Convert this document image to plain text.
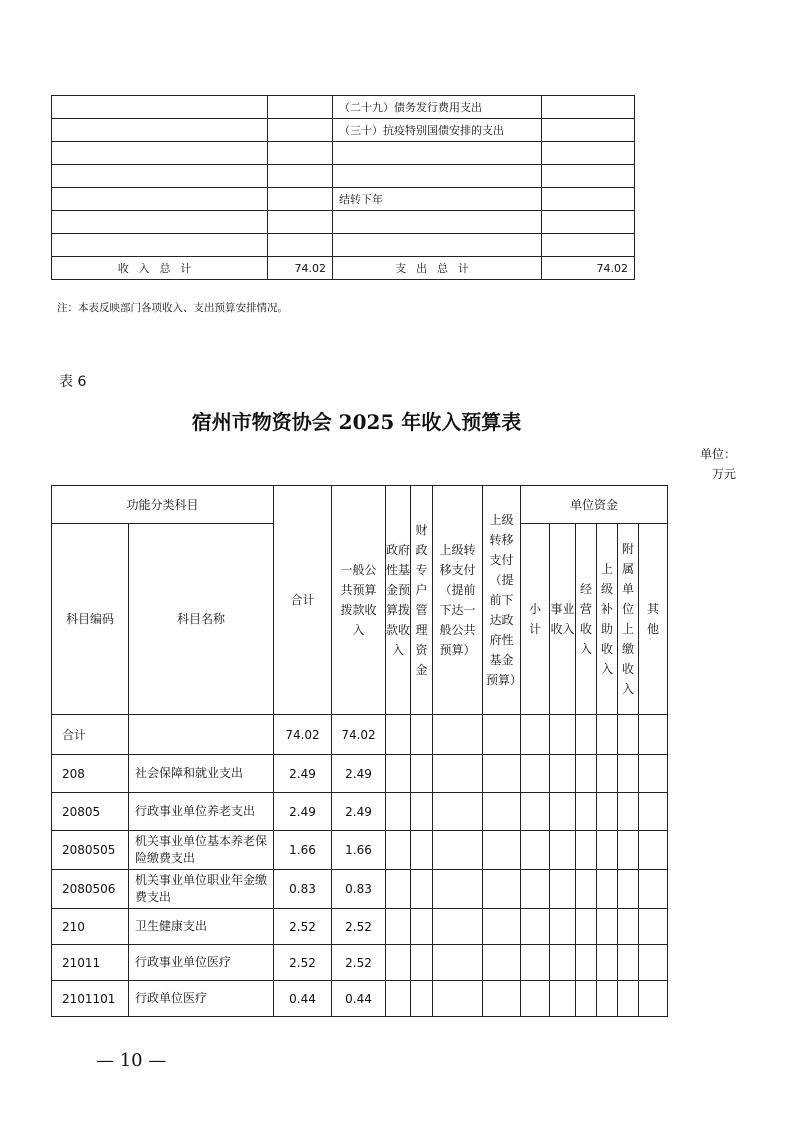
		（二十九）债务发行费用支出	
		（三十）抗疫特别国债安排的支出	

		结转下年	

收入总计	74.02	支出总计	74.02
注：本表反映部门各项收入、支出预算安排情况。
表 6
宿州市物资协会 2025 年收入预算表
单位：
万元
功能分类科目		合计	一般公共预算拨款收入	政府性基金预算拨款收入	财政专户管理资金	上级转移支付（提前下达一般公共预算）	上级转移支付（提前下达政府性基金预算）	单位资金					
科目编码	科目名称							小计	事业收入	经营收入	上级补助收入	附属单位上缴收入	其他
合计		74.02	74.02										
208	社会保障和就业支出	2.49	2.49										
20805	行政事业单位养老支出	2.49	2.49										
2080505	机关事业单位基本养老保险缴费支出	1.66	1.66										
2080506	机关事业单位职业年金缴费支出	0.83	0.83										
210	卫生健康支出	2.52	2.52										
21011	行政事业单位医疗	2.52	2.52										
2101101	行政单位医疗	0.44	0.44										
— 10 —
